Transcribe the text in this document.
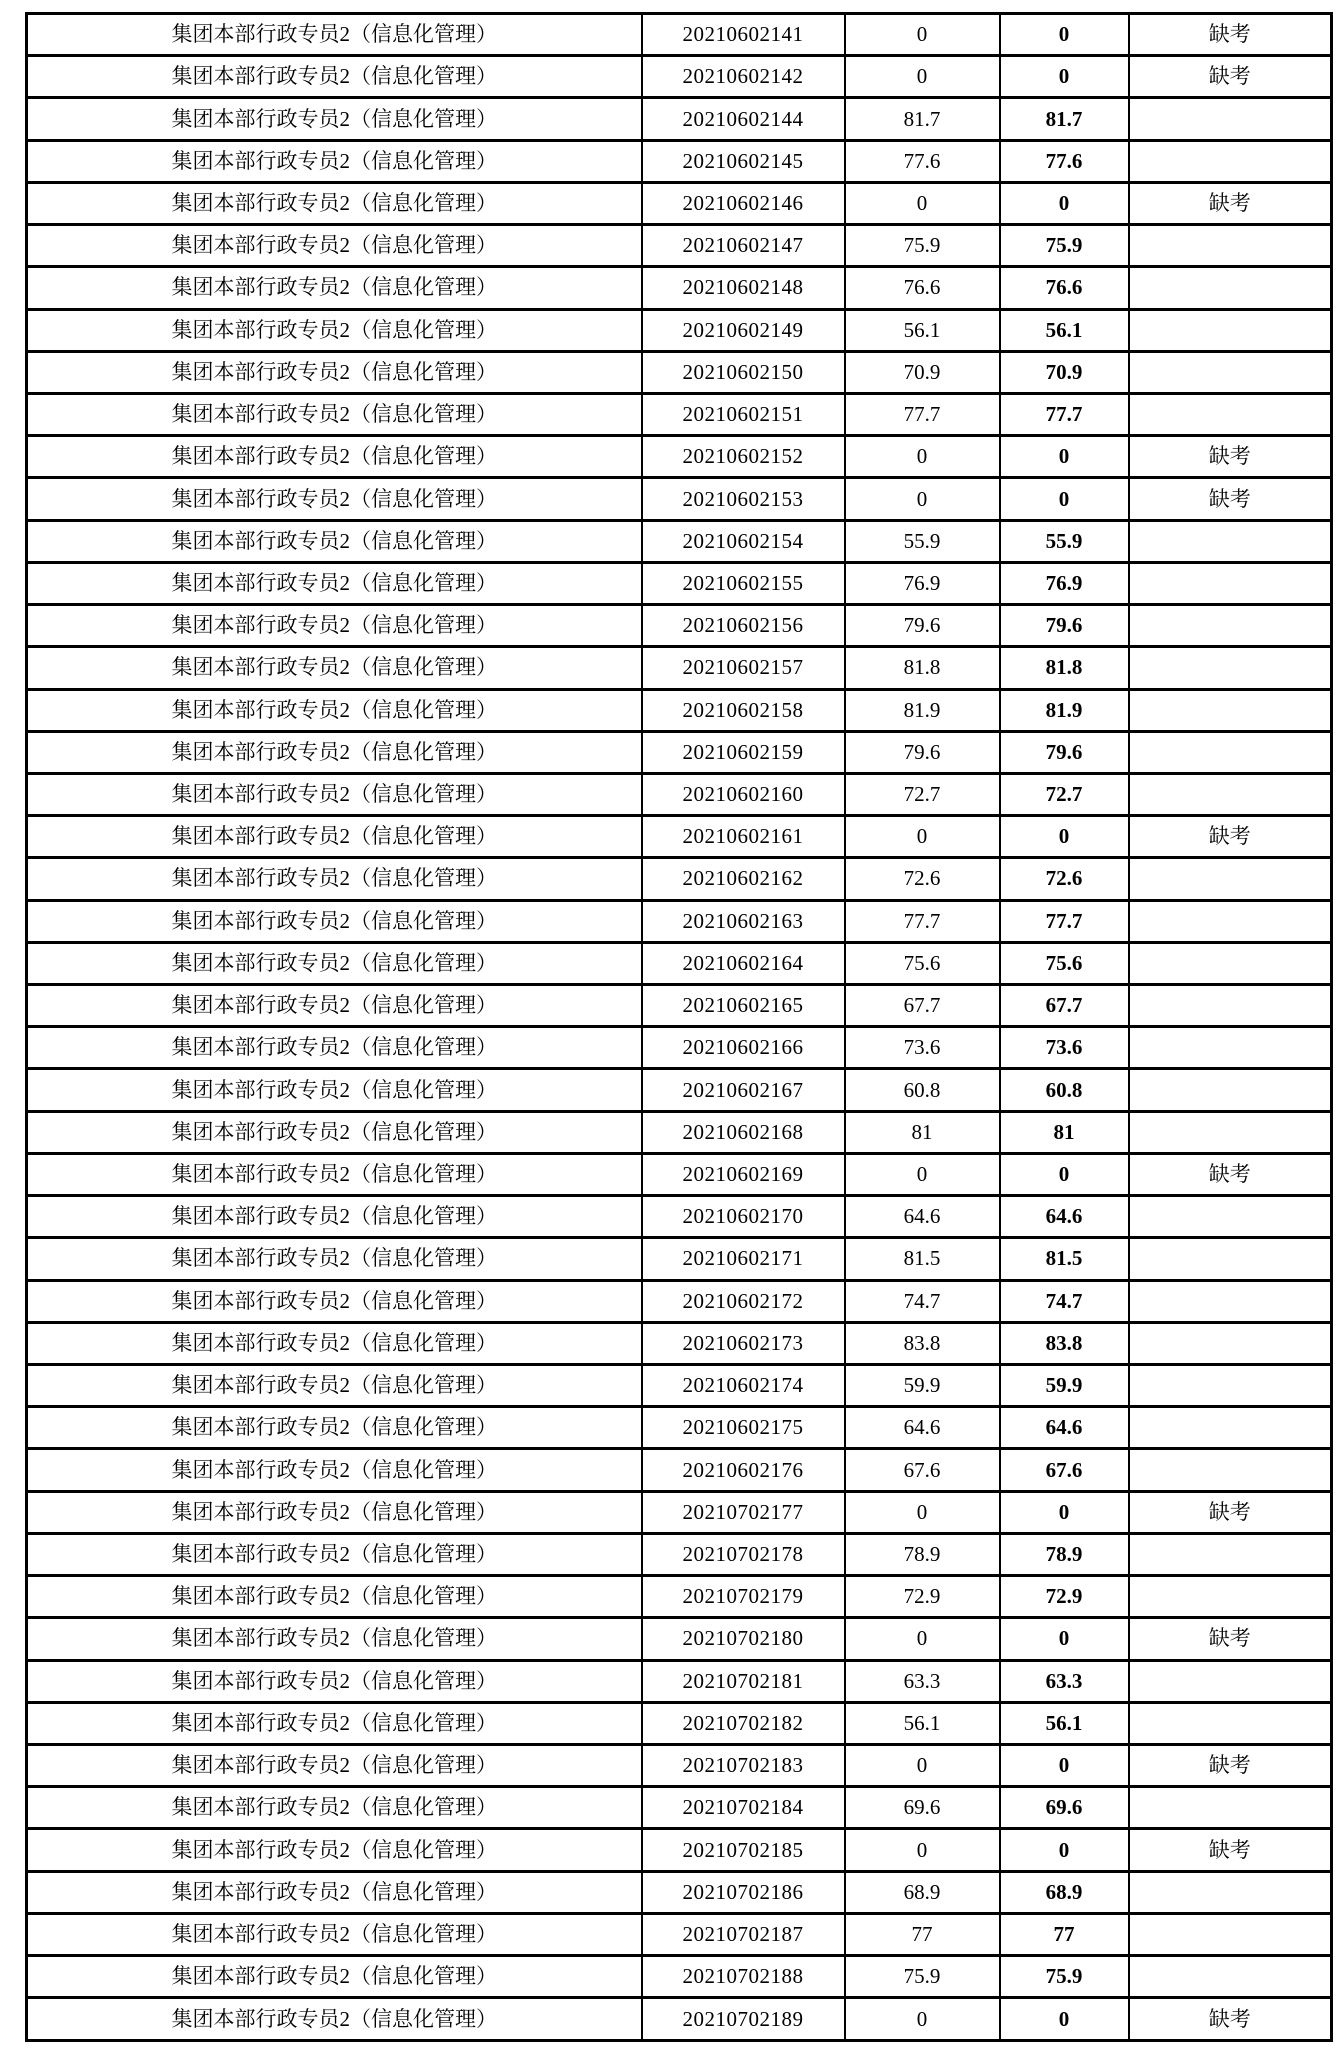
集团本部行政专员2（信息化管理）	20210602141	0	0	缺考
集团本部行政专员2（信息化管理）	20210602142	0	0	缺考
集团本部行政专员2（信息化管理）	20210602144	81.7	81.7	
集团本部行政专员2（信息化管理）	20210602145	77.6	77.6	
集团本部行政专员2（信息化管理）	20210602146	0	0	缺考
集团本部行政专员2（信息化管理）	20210602147	75.9	75.9	
集团本部行政专员2（信息化管理）	20210602148	76.6	76.6	
集团本部行政专员2（信息化管理）	20210602149	56.1	56.1	
集团本部行政专员2（信息化管理）	20210602150	70.9	70.9	
集团本部行政专员2（信息化管理）	20210602151	77.7	77.7	
集团本部行政专员2（信息化管理）	20210602152	0	0	缺考
集团本部行政专员2（信息化管理）	20210602153	0	0	缺考
集团本部行政专员2（信息化管理）	20210602154	55.9	55.9	
集团本部行政专员2（信息化管理）	20210602155	76.9	76.9	
集团本部行政专员2（信息化管理）	20210602156	79.6	79.6	
集团本部行政专员2（信息化管理）	20210602157	81.8	81.8	
集团本部行政专员2（信息化管理）	20210602158	81.9	81.9	
集团本部行政专员2（信息化管理）	20210602159	79.6	79.6	
集团本部行政专员2（信息化管理）	20210602160	72.7	72.7	
集团本部行政专员2（信息化管理）	20210602161	0	0	缺考
集团本部行政专员2（信息化管理）	20210602162	72.6	72.6	
集团本部行政专员2（信息化管理）	20210602163	77.7	77.7	
集团本部行政专员2（信息化管理）	20210602164	75.6	75.6	
集团本部行政专员2（信息化管理）	20210602165	67.7	67.7	
集团本部行政专员2（信息化管理）	20210602166	73.6	73.6	
集团本部行政专员2（信息化管理）	20210602167	60.8	60.8	
集团本部行政专员2（信息化管理）	20210602168	81	81	
集团本部行政专员2（信息化管理）	20210602169	0	0	缺考
集团本部行政专员2（信息化管理）	20210602170	64.6	64.6	
集团本部行政专员2（信息化管理）	20210602171	81.5	81.5	
集团本部行政专员2（信息化管理）	20210602172	74.7	74.7	
集团本部行政专员2（信息化管理）	20210602173	83.8	83.8	
集团本部行政专员2（信息化管理）	20210602174	59.9	59.9	
集团本部行政专员2（信息化管理）	20210602175	64.6	64.6	
集团本部行政专员2（信息化管理）	20210602176	67.6	67.6	
集团本部行政专员2（信息化管理）	20210702177	0	0	缺考
集团本部行政专员2（信息化管理）	20210702178	78.9	78.9	
集团本部行政专员2（信息化管理）	20210702179	72.9	72.9	
集团本部行政专员2（信息化管理）	20210702180	0	0	缺考
集团本部行政专员2（信息化管理）	20210702181	63.3	63.3	
集团本部行政专员2（信息化管理）	20210702182	56.1	56.1	
集团本部行政专员2（信息化管理）	20210702183	0	0	缺考
集团本部行政专员2（信息化管理）	20210702184	69.6	69.6	
集团本部行政专员2（信息化管理）	20210702185	0	0	缺考
集团本部行政专员2（信息化管理）	20210702186	68.9	68.9	
集团本部行政专员2（信息化管理）	20210702187	77	77	
集团本部行政专员2（信息化管理）	20210702188	75.9	75.9	
集团本部行政专员2（信息化管理）	20210702189	0	0	缺考
